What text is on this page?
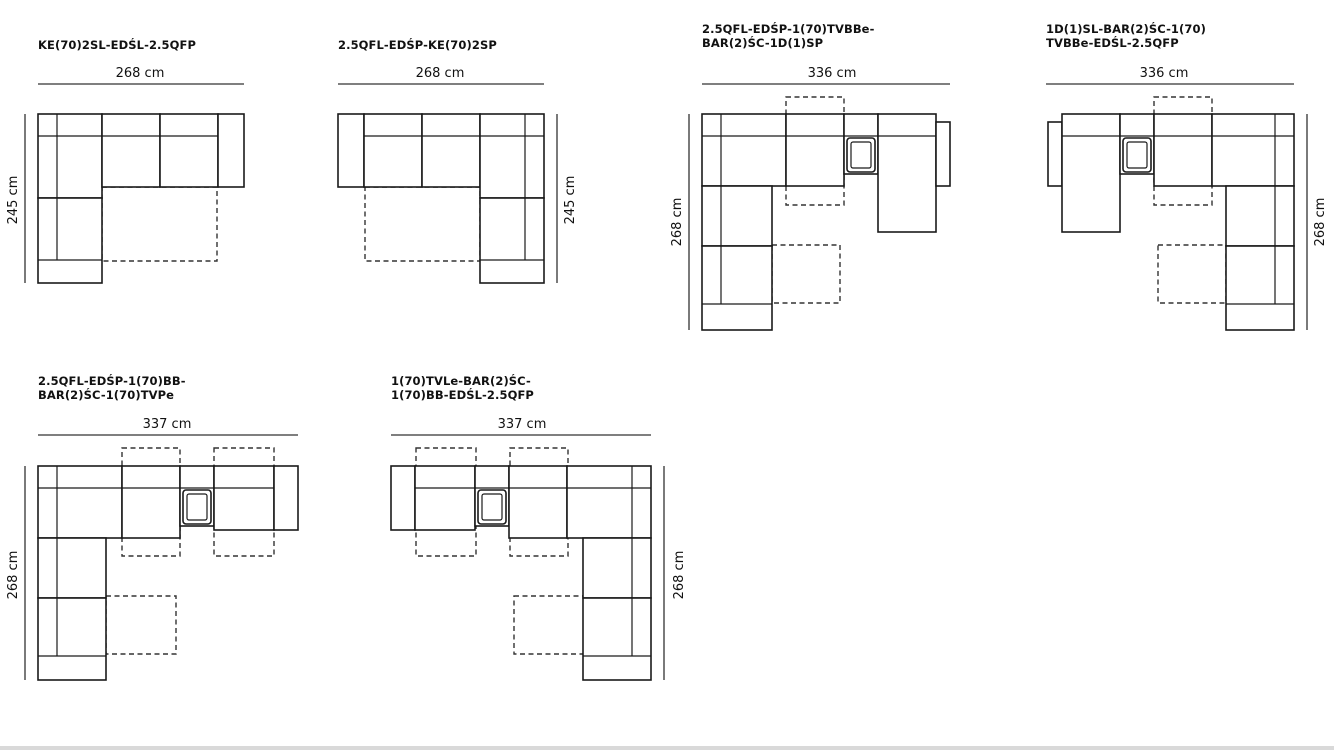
KE(70)2SL-EDŚL-2.5QFP	2.5QFL-EDŚP-KE(70)2SP
2.5QFL-EDŚP-1(70)TVBBe-
BAR(2)ŚC-1D(1)SP
1D(1)SL-BAR(2)ŚC-1(70)
TVBBe-EDŚL-2.5QFP
2.5QFL-EDŚP-1(70)BB-
BAR(2)ŚC-1(70)TVPe
1(70)TVLe-BAR(2)ŚC-
1(70)BB-EDŚL-2.5QFP
268 cm	268 cm	336 cm	336 cm
337 cm	337 cm
245 cm	245 cm	268 cm	268 cm
268 cm	268 cm
